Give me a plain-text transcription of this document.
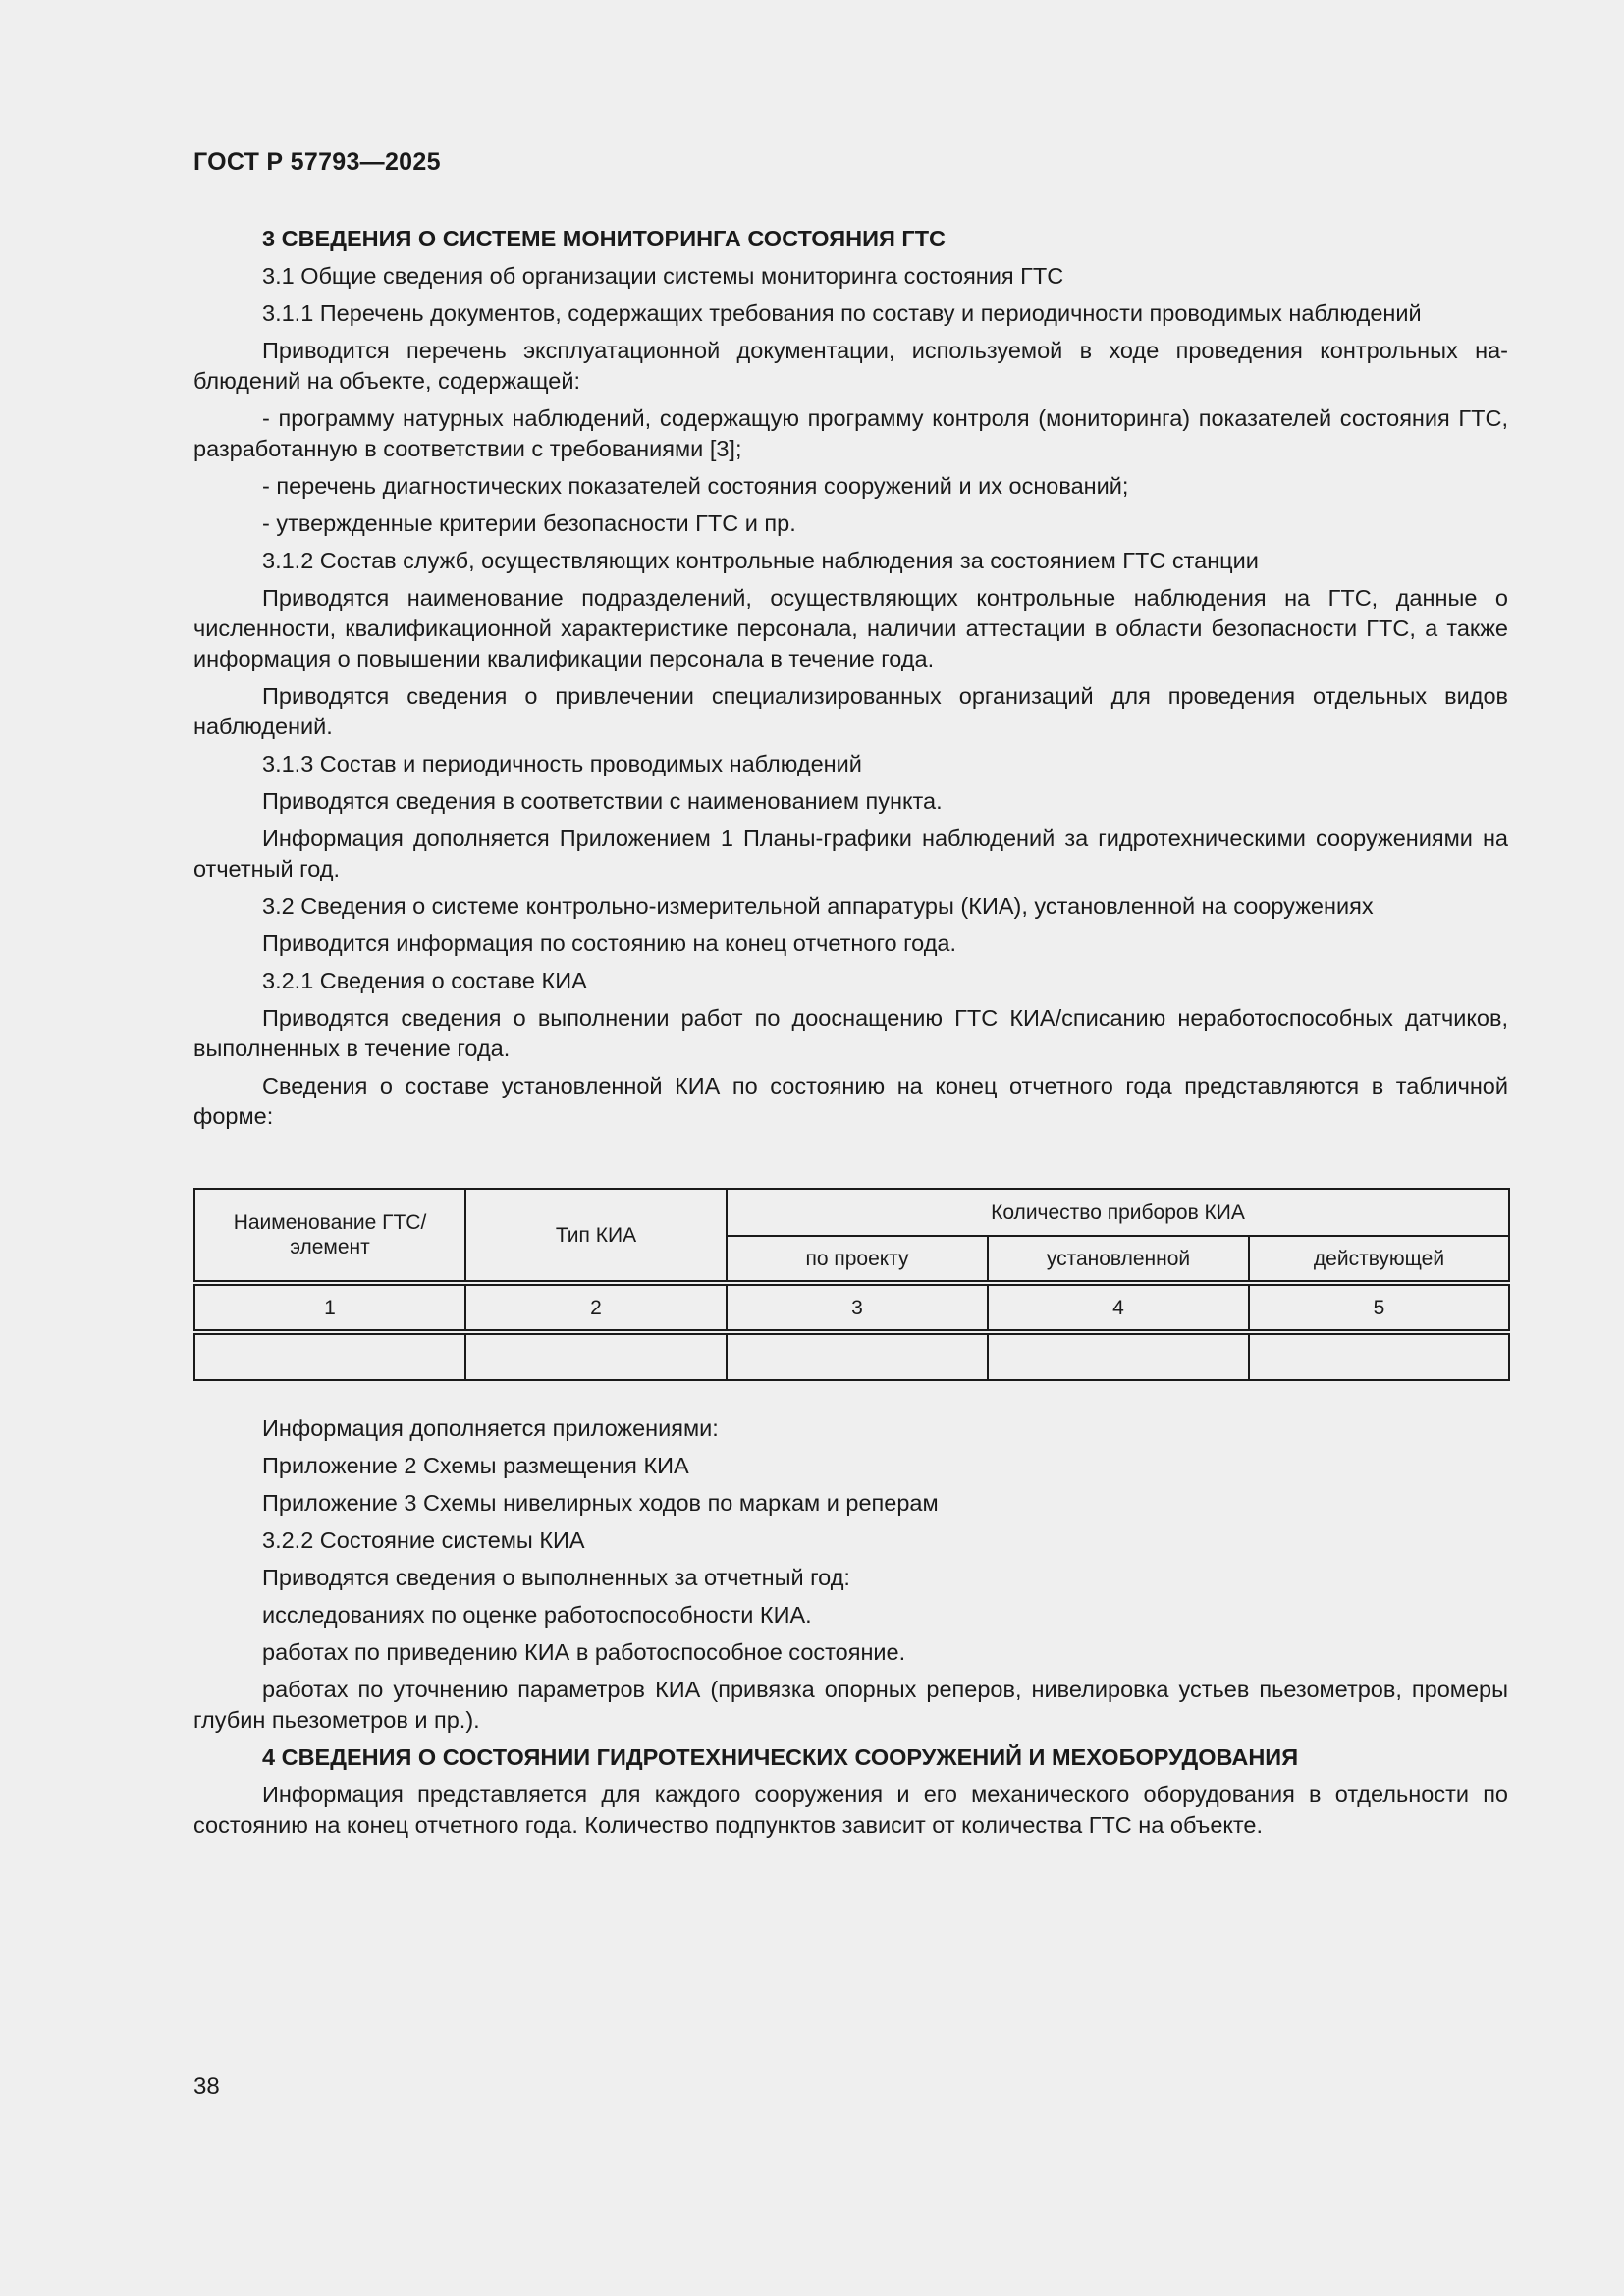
ГОСТ Р 57793—2025

3 СВЕДЕНИЯ О СИСТЕМЕ МОНИТОРИНГА СОСТОЯНИЯ ГТС

3.1 Общие сведения об организации системы мониторинга состояния ГТС

3.1.1 Перечень документов, содержащих требования по составу и периодичности проводимых наблюдений

Приводится перечень эксплуатационной документации, используемой в ходе проведения контрольных наблюдений на объекте, содержащей:

- программу натурных наблюдений, содержащую программу контроля (мониторинга) показателей состояния ГТС, разработанную в соответствии с требованиями [3];

- перечень диагностических показателей состояния сооружений и их оснований;

- утвержденные критерии безопасности ГТС и пр.

3.1.2 Состав служб, осуществляющих контрольные наблюдения за состоянием ГТС станции

Приводятся наименование подразделений, осуществляющих контрольные наблюдения на ГТС, данные о численности, квалификационной характеристике персонала, наличии аттестации в области безопасности ГТС, а также информация о повышении квалификации персонала в течение года.

Приводятся сведения о привлечении специализированных организаций для проведения отдельных видов наблюдений.

3.1.3 Состав и периодичность проводимых наблюдений

Приводятся сведения в соответствии с наименованием пункта.

Информация дополняется Приложением 1 Планы-графики наблюдений за гидротехническими сооружениями на отчетный год.

3.2 Сведения о системе контрольно-измерительной аппаратуры (КИА), установленной на сооружениях

Приводится информация по состоянию на конец отчетного года.

3.2.1 Сведения о составе КИА

Приводятся сведения о выполнении работ по дооснащению ГТС КИА/списанию неработоспособных датчиков, выполненных в течение года.

Сведения о составе установленной КИА по состоянию на конец отчетного года представляются в табличной форме:

Наименование ГТС/элемент	Тип КИА	Количество приборов КИА		
		по проекту	установленной	действующей
1	2	3	4	5

Информация дополняется приложениями:

Приложение 2 Схемы размещения КИА

Приложение 3 Схемы нивелирных ходов по маркам и реперам

3.2.2 Состояние системы КИА

Приводятся сведения о выполненных за отчетный год:

исследованиях по оценке работоспособности КИА.

работах по приведению КИА в работоспособное состояние.

работах по уточнению параметров КИА (привязка опорных реперов, нивелировка устьев пьезометров, промеры глубин пьезометров и пр.).

4 СВЕДЕНИЯ О СОСТОЯНИИ ГИДРОТЕХНИЧЕСКИХ СООРУЖЕНИЙ И МЕХОБОРУДОВАНИЯ

Информация представляется для каждого сооружения и его механического оборудования в отдельности по состоянию на конец отчетного года. Количество подпунктов зависит от количества ГТС на объекте.

38
